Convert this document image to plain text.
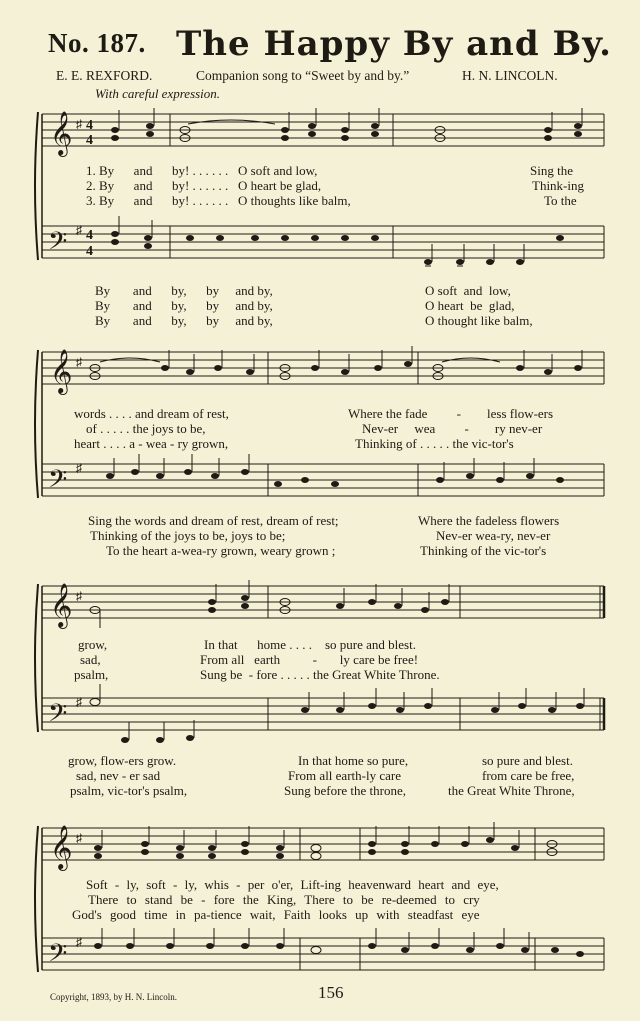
No. 187. The Happy By and By.
E. E. REXFORD.	Companion song to “Sweet by and by.”	H. N. LINCOLN.
With careful expression.
𝄞
𝄢
♯
♯
4
4
4
4
1. By and by! . . . . . . O soft and low,	Sing the
2. By and by! . . . . . . O heart be glad,	Think-ing
3. By and by! . . . . . . O thoughts like balm,	To the
By and by, by and by,	O soft and low,
By and by, by and by,	O heart be glad,
By and by, by and by,	O thought like balm,
𝄞
𝄢
♯
♯
words . . . . and dream of rest,	Where the fade - less flow-ers
of . . . . . the joys to be,	Nev-er wea - ry nev-er
heart . . . . a - wea - ry grown,	Thinking of . . . . . the vic-tor's
Sing the words and dream of rest, dream of rest;	Where the fadeless flowers
Thinking of the joys to be, joys to be;	Nev-er wea-ry, nev-er
To the heart a-wea-ry grown, weary grown ;	Thinking of the vic-tor's
𝄞
𝄢
♯
♯
grow,	In that home . . . . so pure and blest.
sad,	From all earth	- ly care be free!
psalm,	Sung be - fore . . . . . the Great White Throne.
grow, flow-ers grow.	In that home so pure,	so pure and blest.
sad, nev - er sad	From all earth-ly care	from care be free,
psalm, vic-tor's psalm,	Sung before the throne,	the Great White Throne,
𝄞
𝄢
♯
♯
Soft - ly, soft - ly, whis - per o'er, Lift-ing heavenward heart and eye,
There to stand be - fore the King, There to be re-deemed to cry
God's good time in pa-tience wait, Faith looks up with steadfast eye
Copyright, 1893, by H. N. Lincoln.	156
